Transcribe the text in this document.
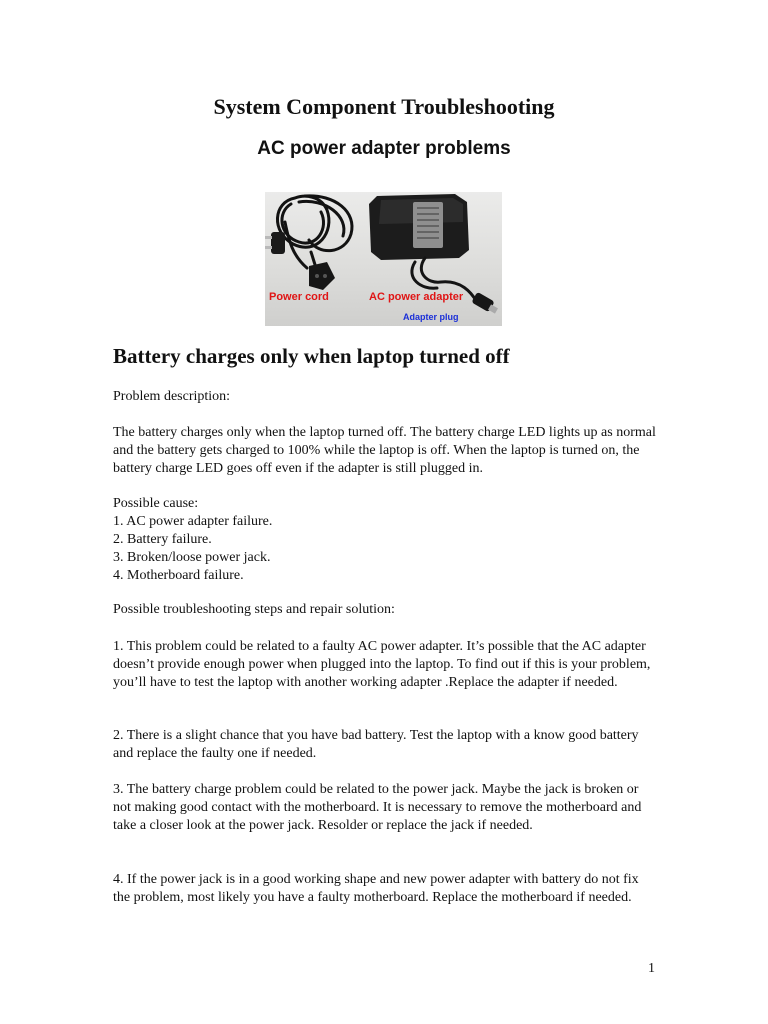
System Component Troubleshooting
AC power adapter problems
Power cord	AC power adapter
Adapter plug
Battery charges only when laptop turned off
Problem description:
The battery charges only when the laptop turned off. The battery charge LED lights up as normal and the battery gets charged to 100% while the laptop is off. When the laptop is turned on, the battery charge LED goes off even if the adapter is still plugged in.
Possible cause:
1. AC power adapter failure.
2. Battery failure.
3. Broken/loose power jack.
4. Motherboard failure.
Possible troubleshooting steps and repair solution:
1. This problem could be related to a faulty AC power adapter. It’s possible that the AC adapter doesn’t provide enough power when plugged into the laptop. To find out if this is your problem, you’ll have to test the laptop with another working adapter .Replace the adapter if needed.
2. There is a slight chance that you have bad battery. Test the laptop with a know good battery and replace the faulty one if needed.
3. The battery charge problem could be related to the power jack. Maybe the jack is broken or not making good contact with the motherboard. It is necessary to remove the motherboard and take a closer look at the power jack. Resolder or replace the jack if needed.
4. If the power jack is in a good working shape and new power adapter with battery do not fix the problem, most likely you have a faulty motherboard. Replace the motherboard if needed.
1
